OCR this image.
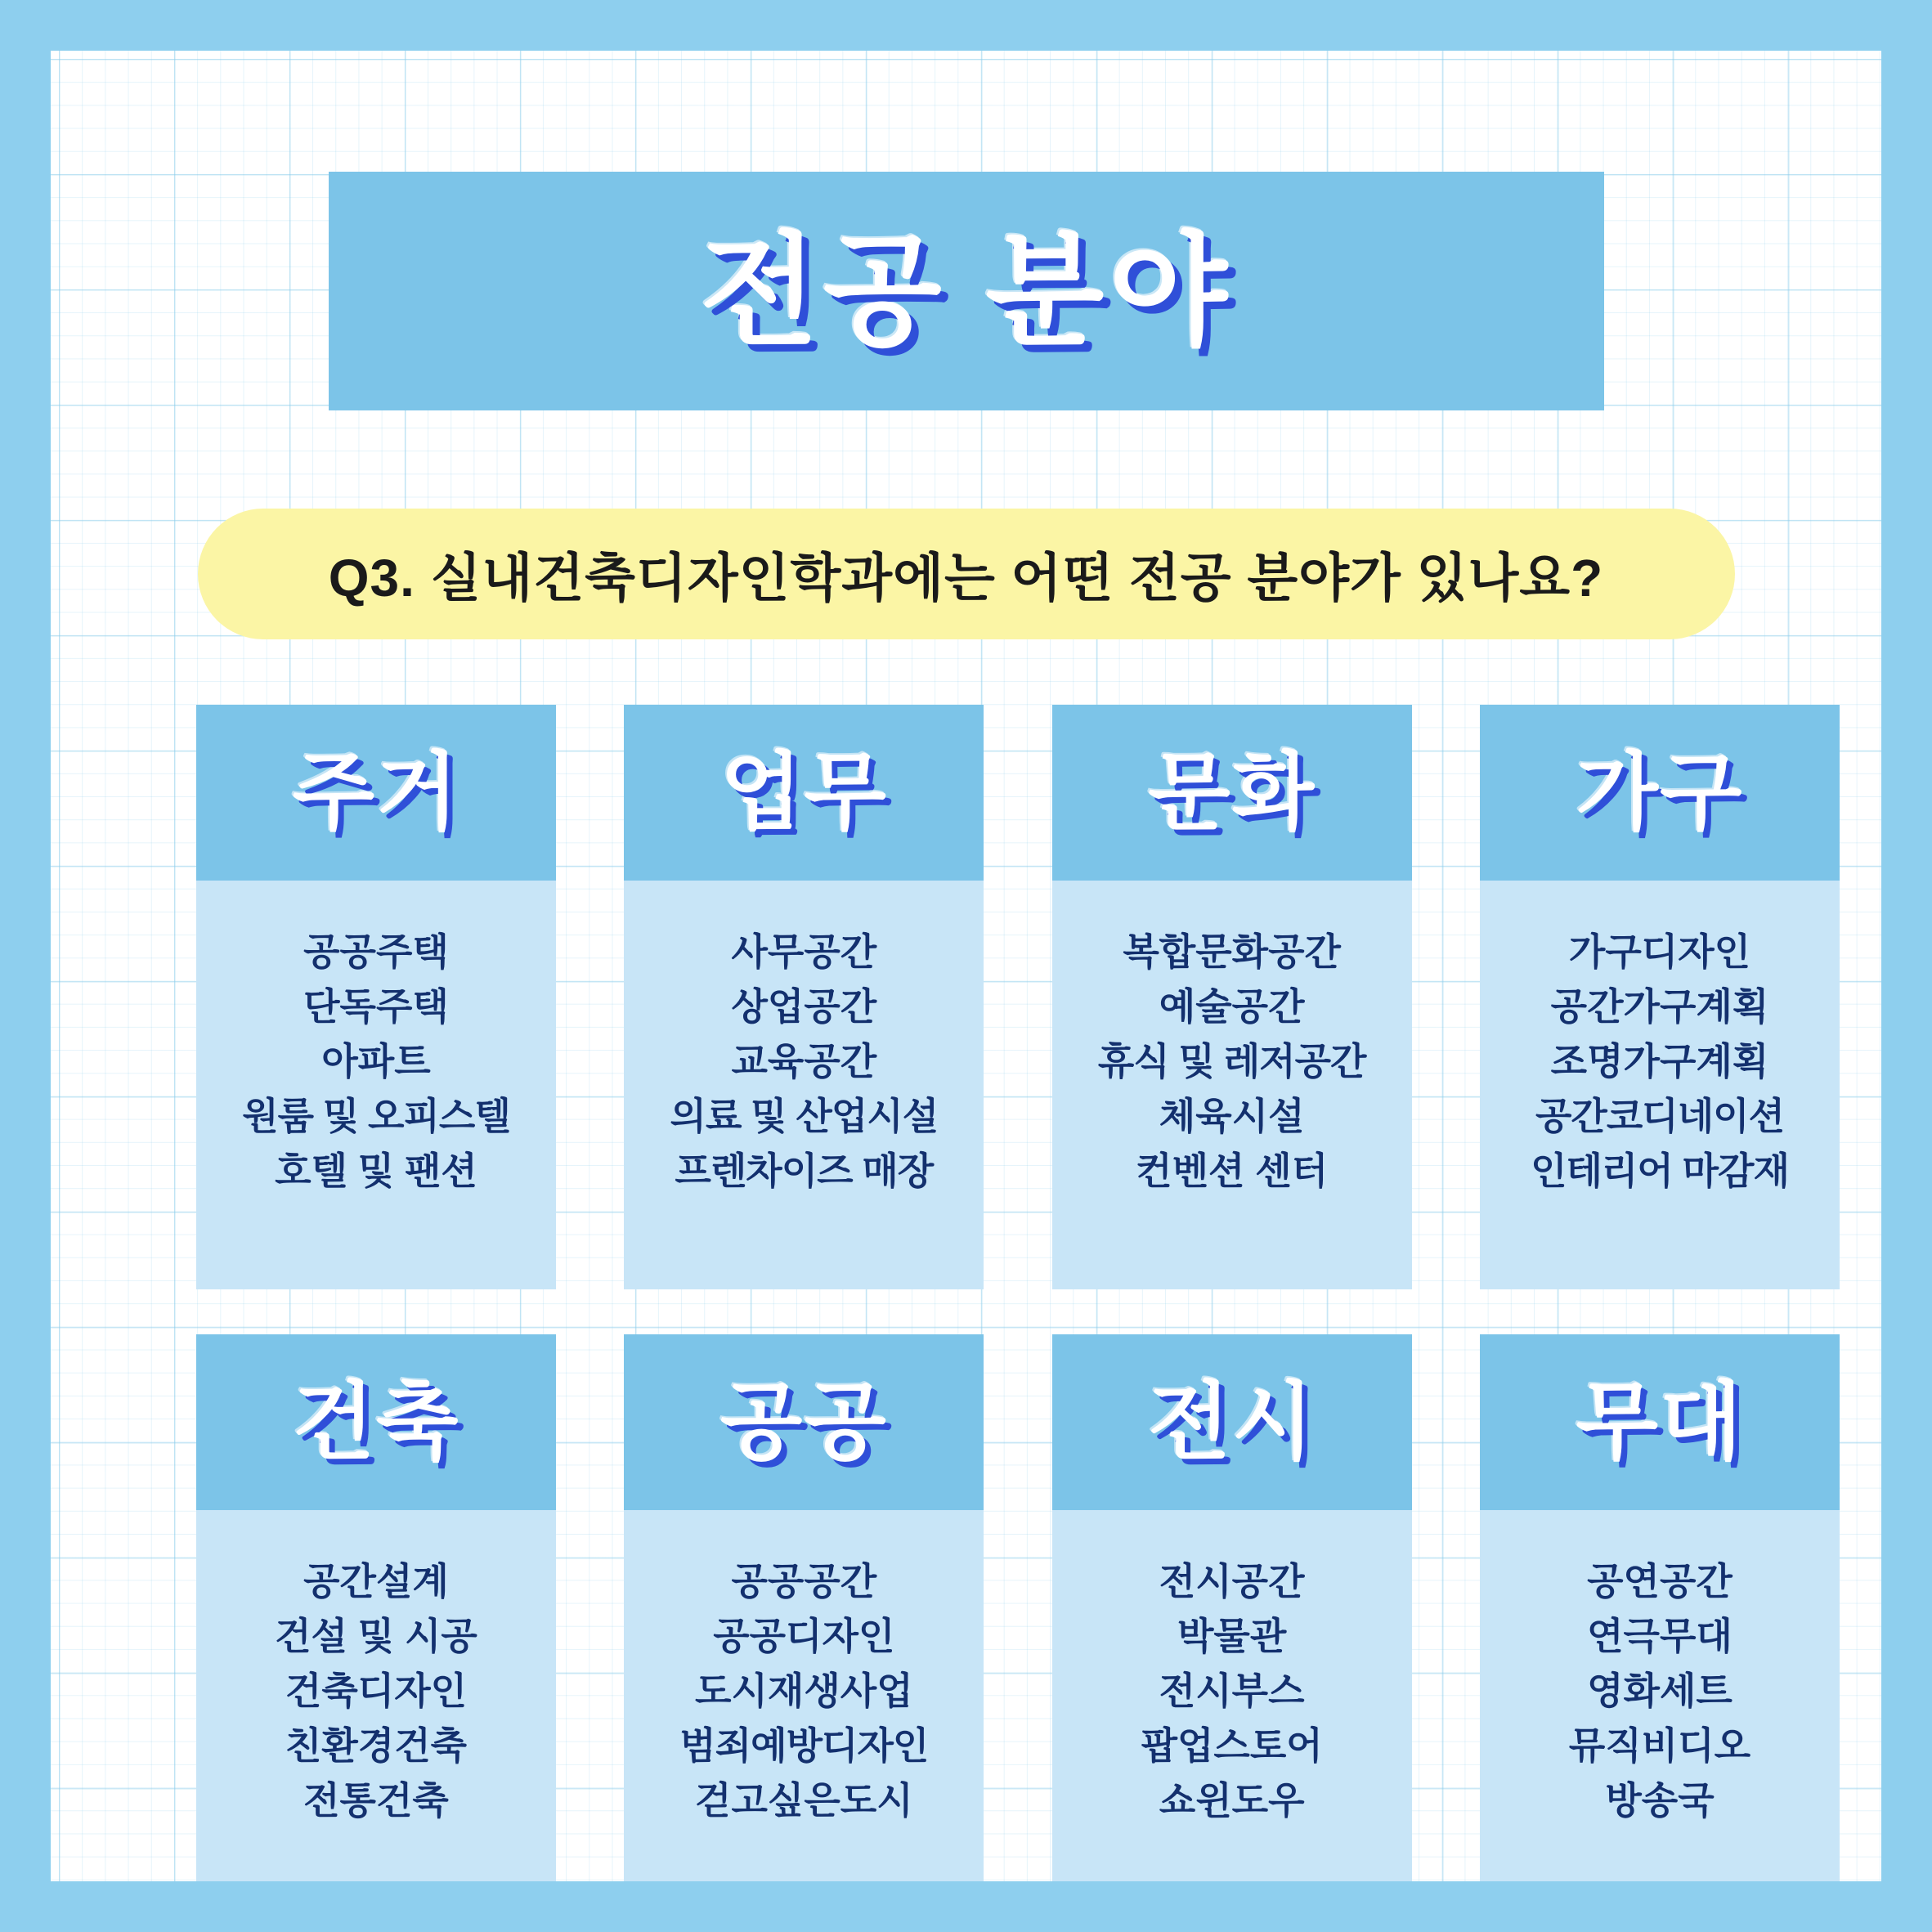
전공 분야
Q3. 실내건축디자인학과에는 어떤 전공 분야가 있나요?
주거
공공주택
단독주택
아파트
원룸 및 오피스텔
호텔 및 팬션
업무
사무공간
상업공간
교육공간
의료 및 산업시설
프렌차이즈 매장
문화
복합문화공간
예술공간
휴식 및 레저공간
체육시설
컨벤션 센터
가구
가구디자인
공간가구계획
조명가구계획
공간코디네이션
인테리어 마감재
건축
공간설계
건설 및 시공
건축디자인
친환경건축
전통건축
공공
공공공간
공공디자인
도시재생사업
범죄예방디자인
걷고싶은도시
전시
전시공간
박물관
전시부스
팝업스토어
쇼윈도우
무대
공연공간
연극무대
영화세트
뮤직비디오
방송국
